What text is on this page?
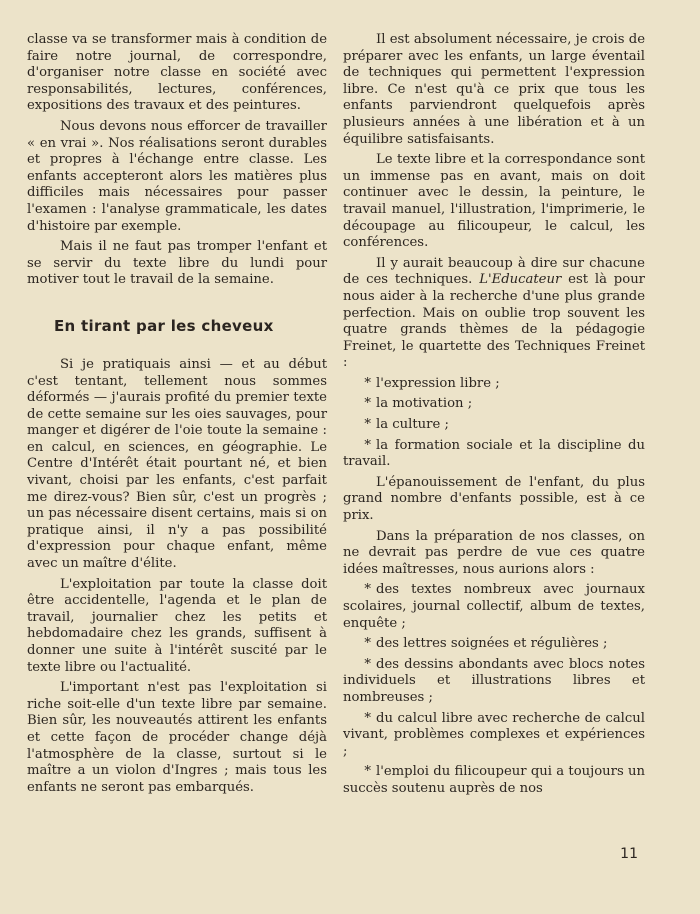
classe va se transformer mais à condition de faire notre journal, de correspondre, d'organiser notre classe en société avec responsabilités, lectures, conférences, expositions des travaux et des peintures.

Nous devons nous efforcer de travailler « en vrai ». Nos réalisations seront durables et propres à l'échange entre classe. Les enfants accepteront alors les matières plus difficiles mais nécessaires pour passer l'examen : l'analyse grammaticale, les dates d'histoire par exemple.

Mais il ne faut pas tromper l'enfant et se servir du texte libre du lundi pour motiver tout le travail de la semaine.

En tirant par les cheveux

Si je pratiquais ainsi — et au début c'est tentant, tellement nous sommes déformés — j'aurais profité du premier texte de cette semaine sur les oies sauvages, pour manger et digérer de l'oie toute la semaine : en calcul, en sciences, en géographie. Le Centre d'Intérêt était pourtant né, et bien vivant, choisi par les enfants, c'est parfait me direz-vous? Bien sûr, c'est un progrès ; un pas nécessaire disent certains, mais si on pratique ainsi, il n'y a pas possibilité d'expression pour chaque enfant, même avec un maître d'élite.

L'exploitation par toute la classe doit être accidentelle, l'agenda et le plan de travail, journalier chez les petits et hebdomadaire chez les grands, suffisent à donner une suite à l'intérêt suscité par le texte libre ou l'actualité.

L'important n'est pas l'exploitation si riche soit-elle d'un texte libre par semaine. Bien sûr, les nouveautés attirent les enfants et cette façon de procéder change déjà l'atmosphère de la classe, surtout si le maître a un violon d'Ingres ; mais tous les enfants ne seront pas embarqués.

Il est absolument nécessaire, je crois de préparer avec les enfants, un large éventail de techniques qui permettent l'expression libre. Ce n'est qu'à ce prix que tous les enfants parviendront quelquefois après plusieurs années à une libération et à un équilibre satisfaisants.

Le texte libre et la correspondance sont un immense pas en avant, mais on doit continuer avec le dessin, la peinture, le travail manuel, l'illustration, l'imprimerie, le découpage au filicoupeur, le calcul, les conférences.

Il y aurait beaucoup à dire sur chacune de ces techniques. L'Educateur est là pour nous aider à la recherche d'une plus grande perfection. Mais on oublie trop souvent les quatre grands thèmes de la pédagogie Freinet, le quartette des Techniques Freinet :

* l'expression libre ;

* la motivation ;

* la culture ;

* la formation sociale et la discipline du travail.

L'épanouissement de l'enfant, du plus grand nombre d'enfants possible, est à ce prix.

Dans la préparation de nos classes, on ne devrait pas perdre de vue ces quatre idées maîtresses, nous aurions alors :

* des textes nombreux avec journaux scolaires, journal collectif, album de textes, enquête ;

* des lettres soignées et régulières ;

* des dessins abondants avec blocs notes individuels et illustrations libres et nombreuses ;

* du calcul libre avec recherche de calcul vivant, problèmes complexes et expériences ;

* l'emploi du filicoupeur qui a toujours un succès soutenu auprès de nos

11
